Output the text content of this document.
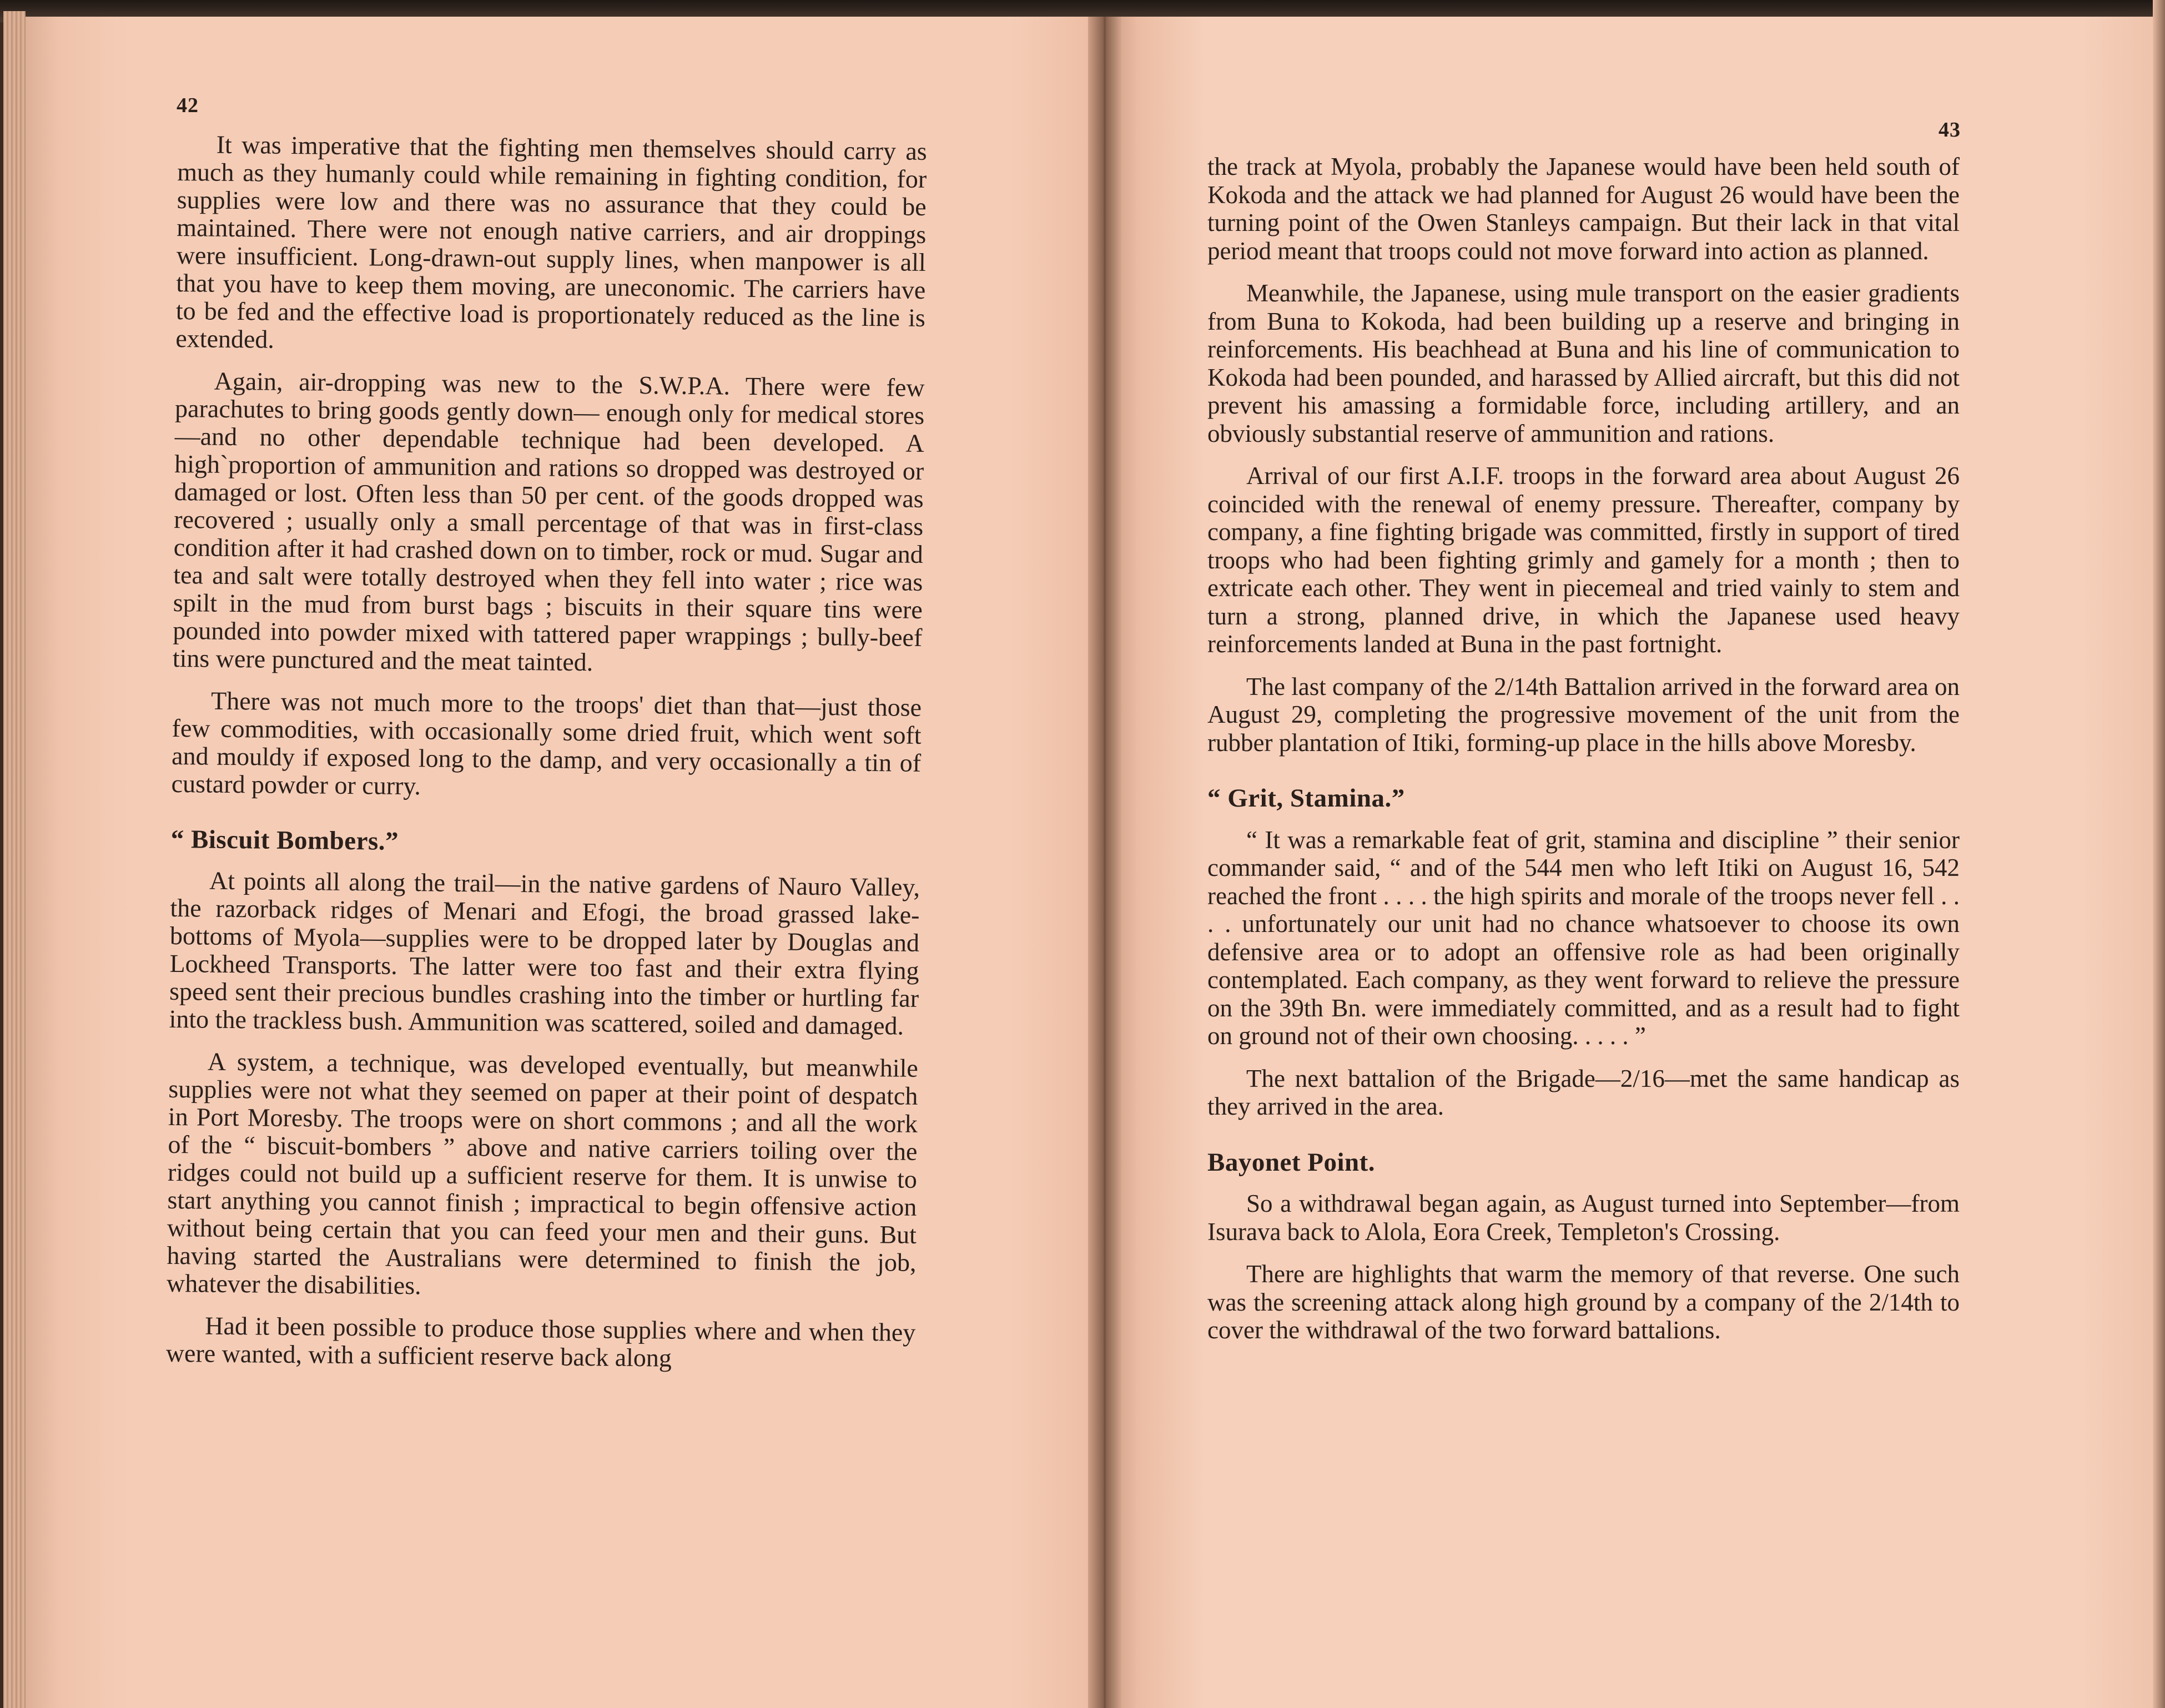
42
43

It was imperative that the fighting men themselves should carry as much as they humanly could while remaining in fighting condition, for supplies were low and there was no assurance that they could be maintained. There were not enough native carriers, and air droppings were insufficient. Long-drawn-out supply lines, when manpower is all that you have to keep them moving, are uneconomic. The carriers have to be fed and the effective load is proportionately reduced as the line is extended.

Again, air-dropping was new to the S.W.P.A. There were few parachutes to bring goods gently down— enough only for medical stores—and no other dependable technique had been developed. A high`proportion of ammunition and rations so dropped was destroyed or damaged or lost. Often less than 50 per cent. of the goods dropped was recovered ; usually only a small percentage of that was in first-class condition after it had crashed down on to timber, rock or mud. Sugar and tea and salt were totally destroyed when they fell into water ; rice was spilt in the mud from burst bags ; biscuits in their square tins were pounded into powder mixed with tattered paper wrappings ; bully-beef tins were punctured and the meat tainted.

There was not much more to the troops' diet than that—just those few commodities, with occasionally some dried fruit, which went soft and mouldy if exposed long to the damp, and very occasionally a tin of custard powder or curry.

“ Biscuit Bombers.”

At points all along the trail—in the native gardens of Nauro Valley, the razorback ridges of Menari and Efogi, the broad grassed lake-bottoms of Myola—supplies were to be dropped later by Douglas and Lockheed Transports. The latter were too fast and their extra flying speed sent their precious bundles crashing into the timber or hurtling far into the trackless bush. Ammunition was scattered, soiled and damaged.

A system, a technique, was developed eventually, but meanwhile supplies were not what they seemed on paper at their point of despatch in Port Moresby. The troops were on short commons ; and all the work of the “ biscuit-bombers ” above and native carriers toiling over the ridges could not build up a sufficient reserve for them. It is unwise to start anything you cannot finish ; impractical to begin offensive action without being certain that you can feed your men and their guns. But having started the Australians were determined to finish the job, whatever the disabilities.

Had it been possible to produce those supplies where and when they were wanted, with a sufficient reserve back along

the track at Myola, probably the Japanese would have been held south of Kokoda and the attack we had planned for August 26 would have been the turning point of the Owen Stanleys campaign. But their lack in that vital period meant that troops could not move forward into action as planned.

Meanwhile, the Japanese, using mule transport on the easier gradients from Buna to Kokoda, had been building up a reserve and bringing in reinforcements. His beachhead at Buna and his line of communication to Kokoda had been pounded, and harassed by Allied aircraft, but this did not prevent his amassing a formidable force, including artillery, and an obviously substantial reserve of ammunition and rations.

Arrival of our first A.I.F. troops in the forward area about August 26 coincided with the renewal of enemy pressure. Thereafter, company by company, a fine fighting brigade was committed, firstly in support of tired troops who had been fighting grimly and gamely for a month ; then to extricate each other. They went in piecemeal and tried vainly to stem and turn a strong, planned drive, in which the Japanese used heavy reinforcements landed at Buna in the past fortnight.

The last company of the 2/14th Battalion arrived in the forward area on August 29, completing the progressive movement of the unit from the rubber plantation of Itiki, forming-up place in the hills above Moresby.

“ Grit, Stamina.”

“ It was a remarkable feat of grit, stamina and discipline ” their senior commander said, “ and of the 544 men who left Itiki on August 16, 542 reached the front . . . . the high spirits and morale of the troops never fell . . . . unfortunately our unit had no chance whatsoever to choose its own defensive area or to adopt an offensive role as had been originally contemplated. Each company, as they went forward to relieve the pressure on the 39th Bn. were immediately committed, and as a result had to fight on ground not of their own choosing. . . . . ”

The next battalion of the Brigade—2/16—met the same handicap as they arrived in the area.

Bayonet Point.

So a withdrawal began again, as August turned into September—from Isurava back to Alola, Eora Creek, Templeton's Crossing.

There are highlights that warm the memory of that reverse. One such was the screening attack along high ground by a company of the 2/14th to cover the withdrawal of the two forward battalions.
